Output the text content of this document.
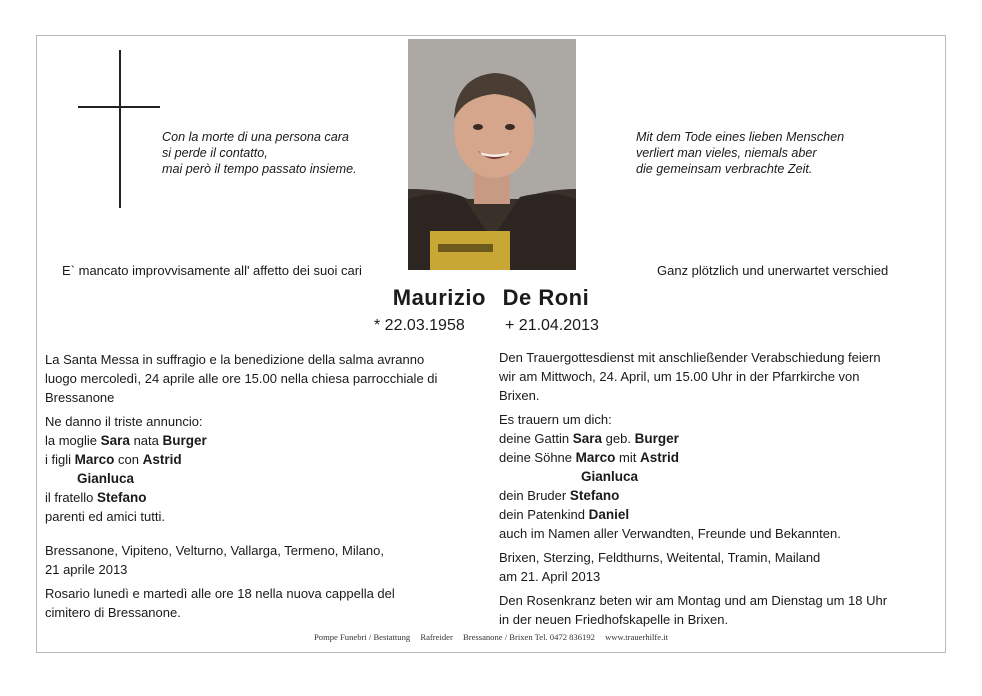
Con la morte di una persona cara
si perde il contatto,
mai però il tempo passato insieme.
Mit dem Tode eines lieben Menschen
verliert man vieles, niemals aber
die gemeinsam verbrachte Zeit.
E` mancato improvvisamente all' affetto dei suoi cari	Ganz plötzlich und unerwartet verschied
Maurizio De Roni
* 22.03.1958	+ 21.04.2013
La Santa Messa in suffragio e la benedizione della salma avranno
luogo mercoledì, 24 aprile alle ore 15.00 nella chiesa parrocchiale di
Bressanone
Ne danno il triste annuncio:
la moglie Sara nata Burger
i figli Marco con Astrid
Gianluca
il fratello Stefano
parenti ed amici tutti.
Bressanone, Vipiteno, Velturno, Vallarga, Termeno, Milano,
21 aprile 2013
Rosario lunedì e martedì alle ore 18 nella nuova cappella del
cimitero di Bressanone.
Den Trauergottesdienst mit anschließender Verabschiedung feiern
wir am Mittwoch, 24. April, um 15.00 Uhr in der Pfarrkirche von
Brixen.
Es trauern um dich:
deine Gattin Sara geb. Burger
deine Söhne Marco mit Astrid
Gianluca
dein Bruder Stefano
dein Patenkind Daniel
auch im Namen aller Verwandten, Freunde und Bekannten.
Brixen, Sterzing, Feldthurns, Weitental, Tramin, Mailand
am 21. April 2013
Den Rosenkranz beten wir am Montag und am Dienstag um 18 Uhr
in der neuen Friedhofskapelle in Brixen.
Pompe Funebri / Bestattung Rafreider Bressanone / Brixen Tel. 0472 836192 www.trauerhilfe.it
